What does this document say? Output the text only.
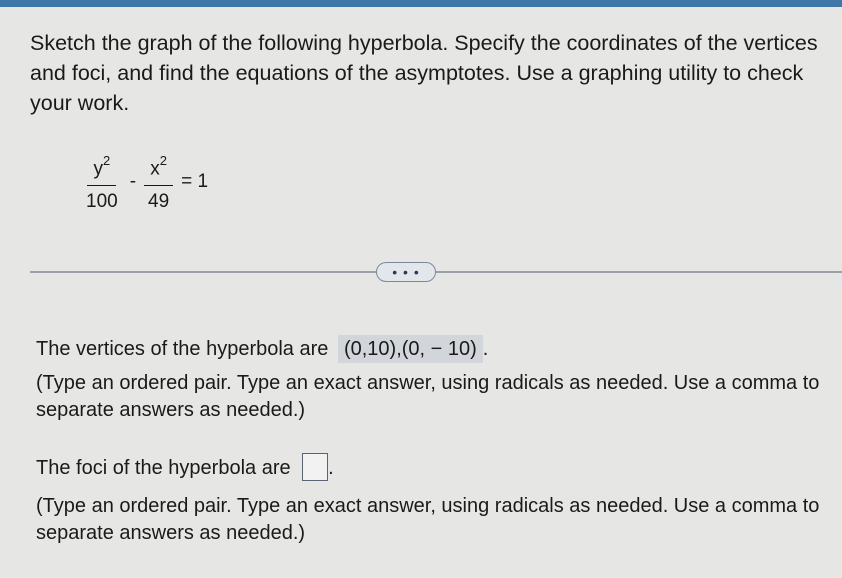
Sketch the graph of the following hyperbola. Specify the coordinates of the vertices and foci, and find the equations of the asymptotes. Use a graphing utility to check your work.
$\frac{y^2}{100} - \frac{x^2}{49} = 1$
• • •
The vertices of the hyperbola are (0,10),(0, − 10) .
(Type an ordered pair. Type an exact answer, using radicals as needed. Use a comma to separate answers as needed.)
The foci of the hyperbola are .
(Type an ordered pair. Type an exact answer, using radicals as needed. Use a comma to separate answers as needed.)
